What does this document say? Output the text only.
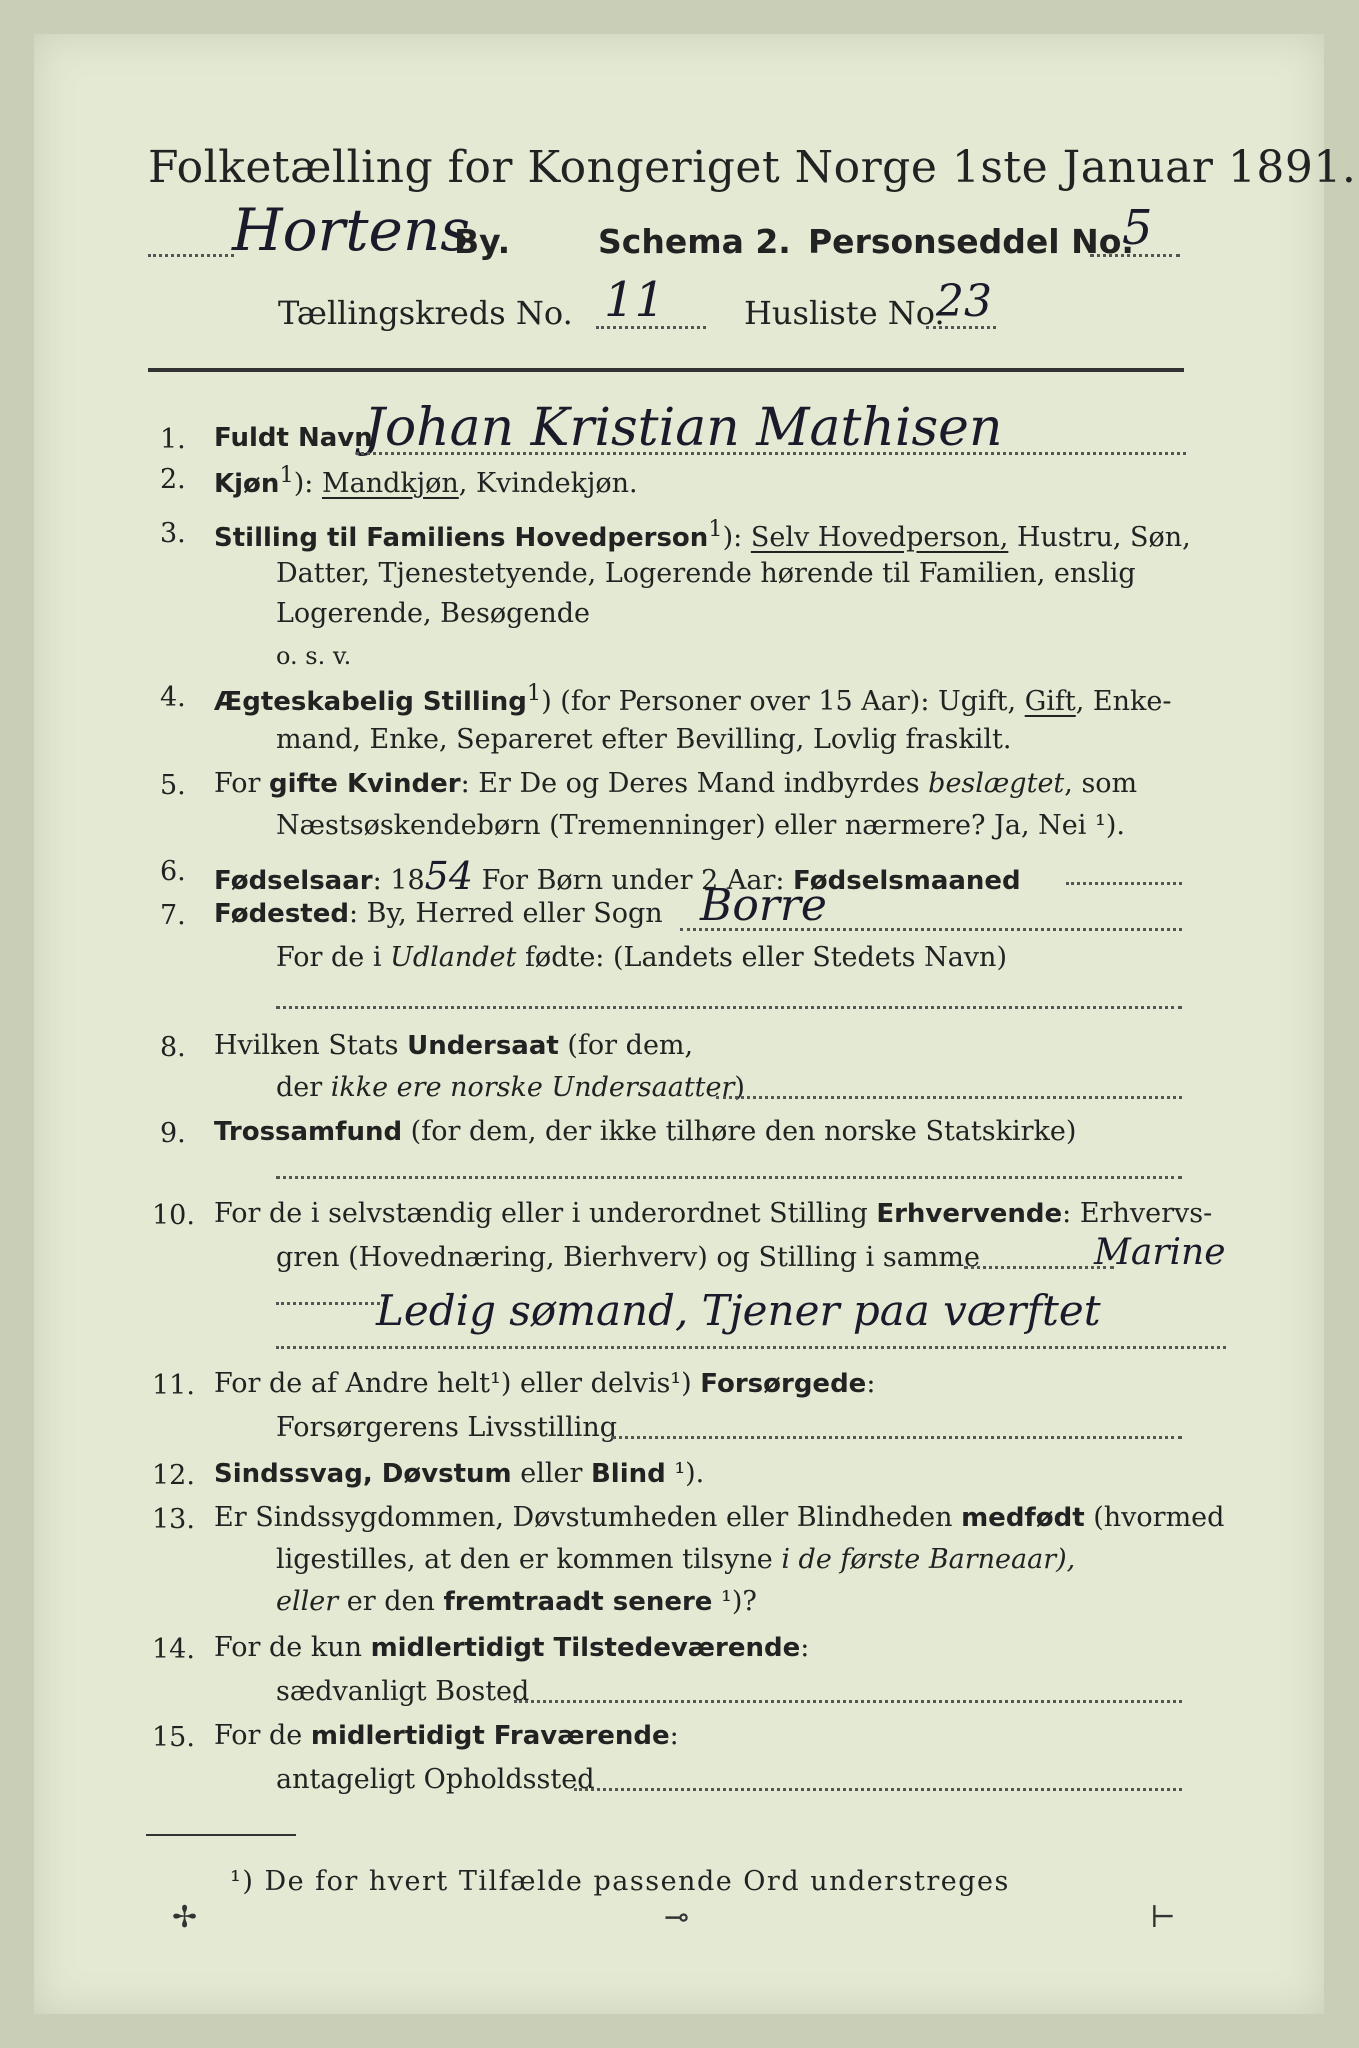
Folketælling for Kongeriget Norge 1ste Januar 1891.
Hortens
By.	Schema 2. Personseddel No.
5
Tællingskreds No. 11 Husliste No.
23
1. Fuldt Navn
Johan Kristian Mathisen
2. Kjøn$^1$): Mandkjøn, Kvindekjøn.
3. Stilling til Familiens Hovedperson$^1$): Selv Hovedperson, Hustru, Søn,
Datter, Tjenestetyende, Logerende hørende til Familien, enslig
Logerende, Besøgende
o. s. v.
4. Ægteskabelig Stilling$^1$) (for Personer over 15 Aar): Ugift, Gift, Enke-
mand, Enke, Separeret efter Bevilling, Lovlig fraskilt.
5. For gifte Kvinder: Er De og Deres Mand indbyrdes beslægtet, som
Næstsøskendebørn (Tremenninger) eller nærmere? Ja, Nei ¹).
6. Fødselsaar: 1854 For Børn under 2 Aar: Fødselsmaaned
7. Fødested: By, Herred eller Sogn Borre
For de i Udlandet fødte: (Landets eller Stedets Navn)
8. Hvilken Stats Undersaat (for dem,
der ikke ere norske Undersaatter)
9. Trossamfund (for dem, der ikke tilhøre den norske Statskirke)
10. For de i selvstændig eller i underordnet Stilling Erhvervende: Erhvervs-
gren (Hovednæring, Bierhverv) og Stilling i samme	Marine
Ledig sømand, Tjener paa værftet
11. For de af Andre helt¹) eller delvis¹) Forsørgede:
Forsørgerens Livsstilling
12. Sindssvag, Døvstum eller Blind ¹).
13. Er Sindssygdommen, Døvstumheden eller Blindheden medfødt (hvormed
ligestilles, at den er kommen tilsyne i de første Barneaar),
eller er den fremtraadt senere ¹)?
14. For de kun midlertidigt Tilstedeværende:
sædvanligt Bosted
15. For de midlertidigt Fraværende:
antageligt Opholdssted
¹) De for hvert Tilfælde passende Ord understreges
✢	⊸	⊢
